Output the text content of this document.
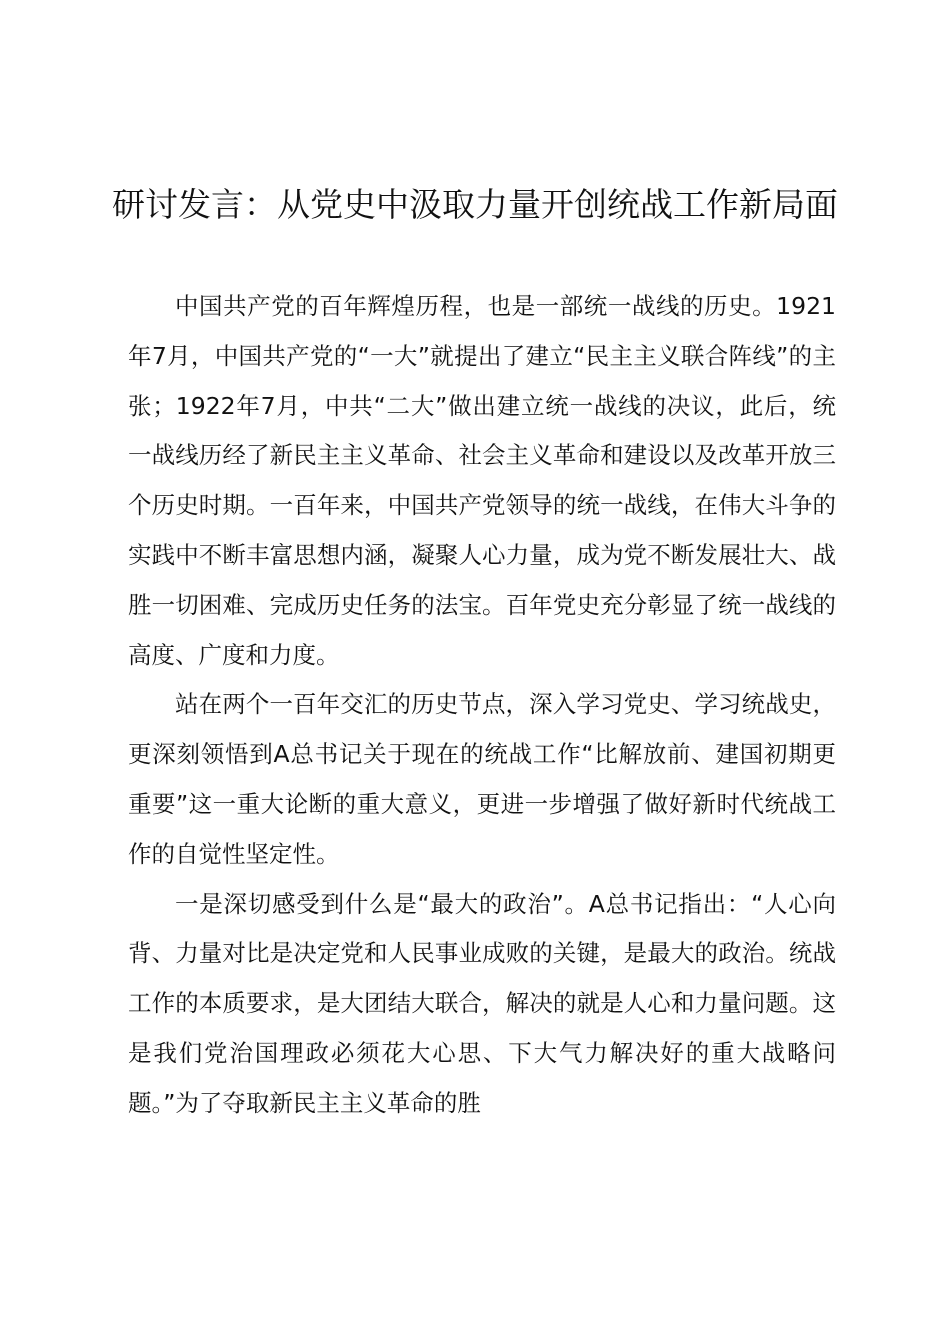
研讨发言：从党史中汲取力量开创统战工作新局面

中国共产党的百年辉煌历程，也是一部统一战线的历史。1921年7月，中国共产党的“一大”就提出了建立“民主主义联合阵线”的主张；1922年7月，中共“二大”做出建立统一战线的决议，此后，统一战线历经了新民主主义革命、社会主义革命和建设以及改革开放三个历史时期。一百年来，中国共产党领导的统一战线，在伟大斗争的实践中不断丰富思想内涵，凝聚人心力量，成为党不断发展壮大、战胜一切困难、完成历史任务的法宝。百年党史充分彰显了统一战线的高度、广度和力度。

站在两个一百年交汇的历史节点，深入学习党史、学习统战史，更深刻领悟到A总书记关于现在的统战工作“比解放前、建国初期更重要”这一重大论断的重大意义，更进一步增强了做好新时代统战工作的自觉性坚定性。

一是深切感受到什么是“最大的政治”。A总书记指出：“人心向背、力量对比是决定党和人民事业成败的关键，是最大的政治。统战工作的本质要求，是大团结大联合，解决的就是人心和力量问题。这是我们党治国理政必须花大心思、下大气力解决好的重大战略问题。”为了夺取新民主主义革命的胜
